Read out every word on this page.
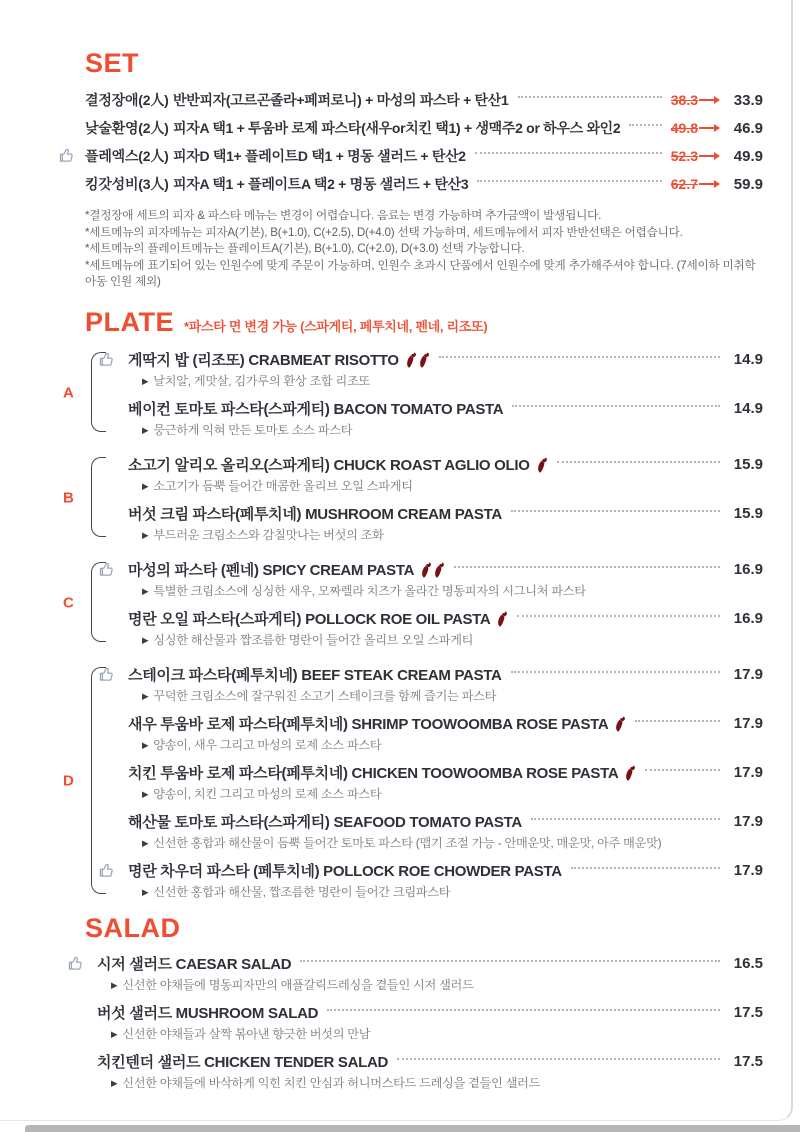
SET
결정장애(2人) 반반피자(고르곤졸라+페퍼로니) + 마성의 파스타 + 탄산1	38.3	33.9
낮술환영(2人) 피자A 택1 + 투움바 로제 파스타(새우or치킨 택1) + 생맥주2 or 하우스 와인2	49.8	46.9
플레엑스(2人) 피자D 택1+ 플레이트D 택1 + 명동 샐러드 + 탄산2	52.3	49.9
킹갓성비(3人) 피자A 택1 + 플레이트A 택2 + 명동 샐러드 + 탄산3	62.7	59.9
*결정장애 세트의 피자 & 파스타 메뉴는 변경이 어렵습니다. 음료는 변경 가능하며 추가금액이 발생됩니다.
*세트메뉴의 피자메뉴는 피자A(기본), B(+1.0), C(+2.5), D(+4.0) 선택 가능하며, 세트메뉴에서 피자 반반선택은 어렵습니다.
*세트메뉴의 플레이트메뉴는 플레이트A(기본), B(+1.0), C(+2.0), D(+3.0) 선택 가능합니다.
*세트메뉴에 표기되어 있는 인원수에 맞게 주문이 가능하며, 인원수 초과시 단품에서 인원수에 맞게 추가해주셔야 합니다. (7세이하 미취학 아동 인원 제외)
PLATE *파스타 면 변경 가능 (스파게티, 페투치네, 펜네, 리조또)
A
게딱지 밥 (리조또) CRABMEAT RISOTTO	14.9
▶ 날치알, 게맛살, 김가루의 환상 조합 리조또
베이컨 토마토 파스타(스파게티) BACON TOMATO PASTA	14.9
▶ 뭉근하게 익혀 만든 토마토 소스 파스타
B
소고기 알리오 올리오(스파게티) CHUCK ROAST AGLIO OLIO	15.9
▶ 소고기가 듬뿍 들어간 매콤한 올리브 오일 스파게티
버섯 크림 파스타(페투치네) MUSHROOM CREAM PASTA	15.9
▶ 부드러운 크림소스와 감칠맛나는 버섯의 조화
C
마성의 파스타 (펜네) SPICY CREAM PASTA	16.9
▶ 특별한 크림소스에 싱싱한 새우, 모짜렐라 치즈가 올라간 명동피자의 시그니처 파스타
명란 오일 파스타(스파게티) POLLOCK ROE OIL PASTA	16.9
▶ 싱싱한 해산물과 짭조름한 명란이 들어간 올리브 오일 스파게티
D
스테이크 파스타(페투치네) BEEF STEAK CREAM PASTA	17.9
▶ 꾸덕한 크림소스에 잘구워진 소고기 스테이크를 함께 즐기는 파스타
새우 투움바 로제 파스타(페투치네) SHRIMP TOOWOOMBA ROSE PASTA	17.9
▶ 양송이, 새우 그리고 마성의 로제 소스 파스타
치킨 투움바 로제 파스타(페투치네) CHICKEN TOOWOOMBA ROSE PASTA	17.9
▶ 양송이, 치킨 그리고 마성의 로제 소스 파스타
해산물 토마토 파스타(스파게티) SEAFOOD TOMATO PASTA	17.9
▶ 신선한 홍합과 해산물이 듬뿍 들어간 토마토 파스타 (맵기 조절 가능 - 안매운맛, 매운맛, 아주 매운맛)
명란 차우더 파스타 (페투치네) POLLOCK ROE CHOWDER PASTA	17.9
▶ 신선한 홍합과 해산물, 짭조름한 명란이 들어간 크림파스타
SALAD
시저 샐러드 CAESAR SALAD	16.5
▶ 신선한 야채들에 명동피자만의 애플갈릭드레싱을 곁들인 시저 샐러드
버섯 샐러드 MUSHROOM SALAD	17.5
▶ 신선한 야채들과 살짝 볶아낸 향긋한 버섯의 만남
치킨텐더 샐러드 CHICKEN TENDER SALAD	17.5
▶ 신선한 야채들에 바삭하게 익힌 치킨 안심과 허니머스타드 드레싱을 곁들인 샐러드
